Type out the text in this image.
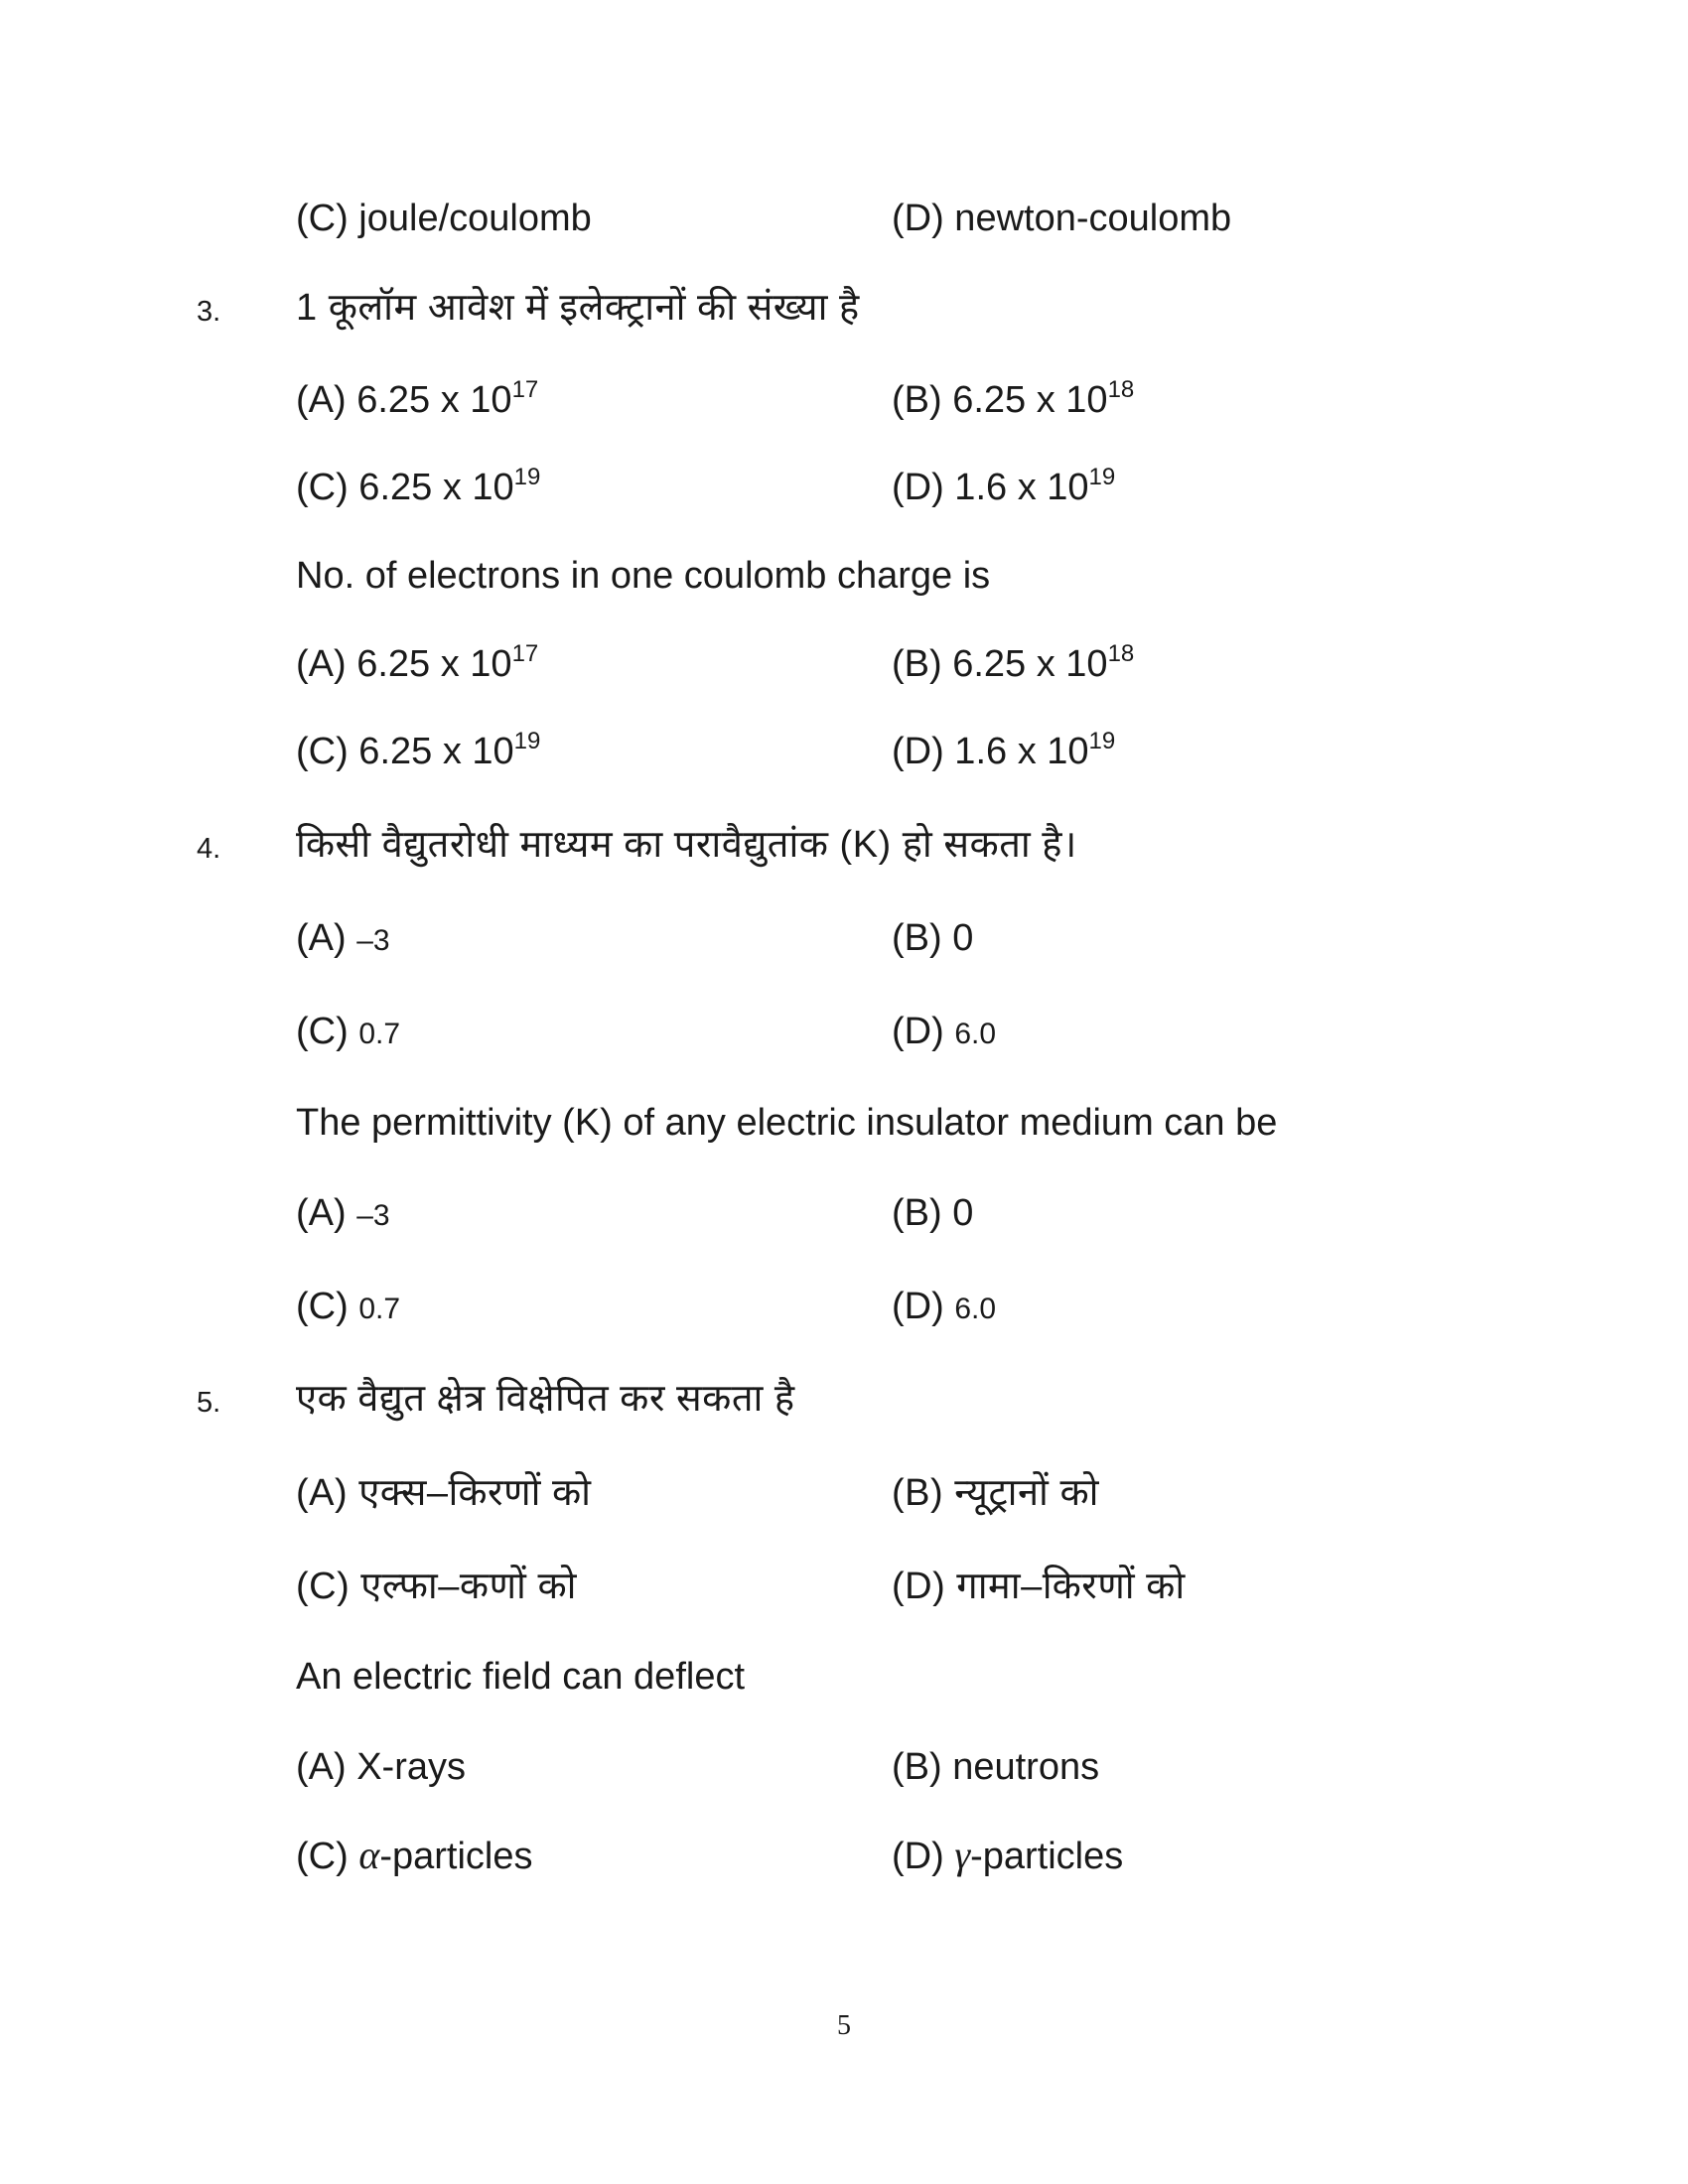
(C) joule/coulomb	(D) newton-coulomb
3. 1 कूलॉम आवेश में इलेक्ट्रानों की संख्या है
(A) 6.25 x $10^{17}$	(B) 6.25 x $10^{18}$
(C) 6.25 x $10^{19}$	(D) 1.6 x $10^{19}$
No. of electrons in one coulomb charge is
(A) 6.25 x $10^{17}$	(B) 6.25 x $10^{18}$
(C) 6.25 x $10^{19}$	(D) 1.6 x $10^{19}$
4. किसी वैद्युतरोधी माध्यम का परावैद्युतांक (K) हो सकता है।
(A) –3	(B) 0
(C) 0.7	(D) 6.0
The permittivity (K) of any electric insulator medium can be
(A) –3	(B) 0
(C) 0.7	(D) 6.0
5. एक वैद्युत क्षेत्र विक्षेपित कर सकता है
(A) एक्स–किरणों को	(B) न्यूट्रानों को
(C) एल्फा–कणों को	(D) गामा–किरणों को
An electric field can deflect
(A) X-rays	(B) neutrons
(C) α-particles	(D) γ-particles
5
